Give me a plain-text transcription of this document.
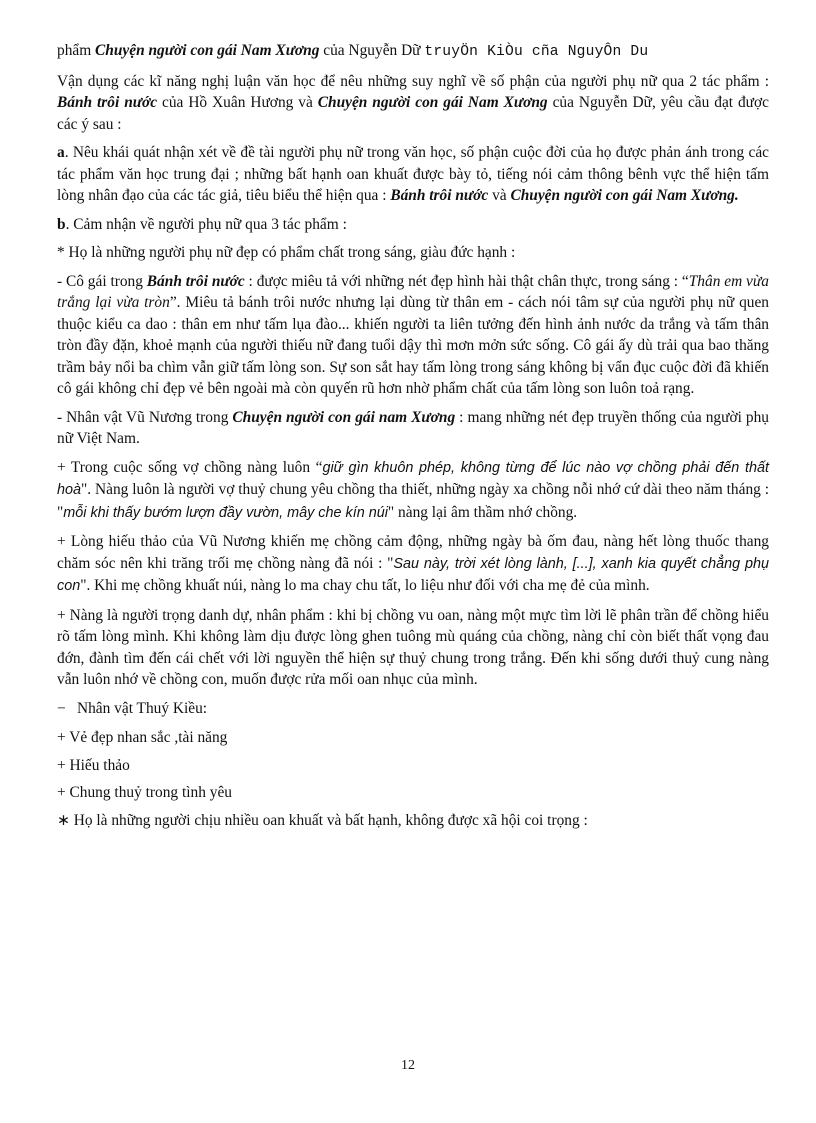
phẩm Chuyện người con gái Nam Xương của Nguyễn Dữ truyÖn KiÒu cña NguyÔn Du

Vận dụng các kĩ năng nghị luận văn học để nêu những suy nghĩ về số phận của người phụ nữ qua 2 tác phẩm : Bánh trôi nước của Hồ Xuân Hương và Chuyện người con gái Nam Xương của Nguyễn Dữ, yêu cầu đạt được các ý sau :

a. Nêu khái quát nhận xét về đề tài người phụ nữ trong văn học, số phận cuộc đời của họ được phản ánh trong các tác phẩm văn học trung đại ; những bất hạnh oan khuất được bày tỏ, tiếng nói cảm thông bênh vực thể hiện tấm lòng nhân đạo của các tác giả, tiêu biểu thể hiện qua : Bánh trôi nước và Chuyện người con gái Nam Xương.

b. Cảm nhận về người phụ nữ qua 3 tác phẩm :

* Họ là những người phụ nữ đẹp có phẩm chất trong sáng, giàu đức hạnh :

- Cô gái trong Bánh trôi nước : được miêu tả với những nét đẹp hình hài thật chân thực, trong sáng : “Thân em vừa trắng lại vừa tròn”. Miêu tả bánh trôi nước nhưng lại dùng từ thân em - cách nói tâm sự của người phụ nữ quen thuộc kiểu ca dao : thân em như tấm lụa đào... khiến người ta liên tưởng đến hình ảnh nước da trắng và tấm thân tròn đầy đặn, khoẻ mạnh của người thiếu nữ đang tuổi dậy thì mơn mởn sức sống. Cô gái ấy dù trải qua bao thăng trầm bảy nổi ba chìm vẫn giữ tấm lòng son. Sự son sắt hay tấm lòng trong sáng không bị vẩn đục cuộc đời đã khiến cô gái không chỉ đẹp vẻ bên ngoài mà còn quyến rũ hơn nhờ phẩm chất của tấm lòng son luôn toả rạng.

- Nhân vật Vũ Nương trong Chuyện người con gái nam Xương : mang những nét đẹp truyền thống của người phụ nữ Việt Nam.

+ Trong cuộc sống vợ chồng nàng luôn “giữ gìn khuôn phép, không từng để lúc nào vợ chồng phải đến thất hoà". Nàng luôn là người vợ thuỷ chung yêu chồng tha thiết, những ngày xa chồng nỗi nhớ cứ dài theo năm tháng : "mỗi khi thấy bướm lượn đầy vườn, mây che kín núi" nàng lại âm thầm nhớ chồng.

+ Lòng hiếu thảo của Vũ Nương khiến mẹ chồng cảm động, những ngày bà ốm đau, nàng hết lòng thuốc thang chăm sóc nên khi trăng trối mẹ chồng nàng đã nói : "Sau này, trời xét lòng lành, [...], xanh kia quyết chẳng phụ con". Khi mẹ chồng khuất núi, nàng lo ma chay chu tất, lo liệu như đối với cha mẹ đẻ của mình.

+ Nàng là người trọng danh dự, nhân phẩm : khi bị chồng vu oan, nàng một mực tìm lời lẽ phân trần để chồng hiểu rõ tấm lòng mình. Khi không làm dịu được lòng ghen tuông mù quáng của chồng, nàng chỉ còn biết thất vọng đau đớn, đành tìm đến cái chết với lời nguyền thể hiện sự thuỷ chung trong trắng. Đến khi sống dưới thuỷ cung nàng vẫn luôn nhớ về chồng con, muốn được rửa mối oan nhục của mình.

− Nhân vật Thuý Kiều:

+ Vẻ đẹp nhan sắc ,tài năng

+ Hiếu thảo

+ Chung thuỷ trong tình yêu

∗ Họ là những người chịu nhiều oan khuất và bất hạnh, không được xã hội coi trọng :

12
